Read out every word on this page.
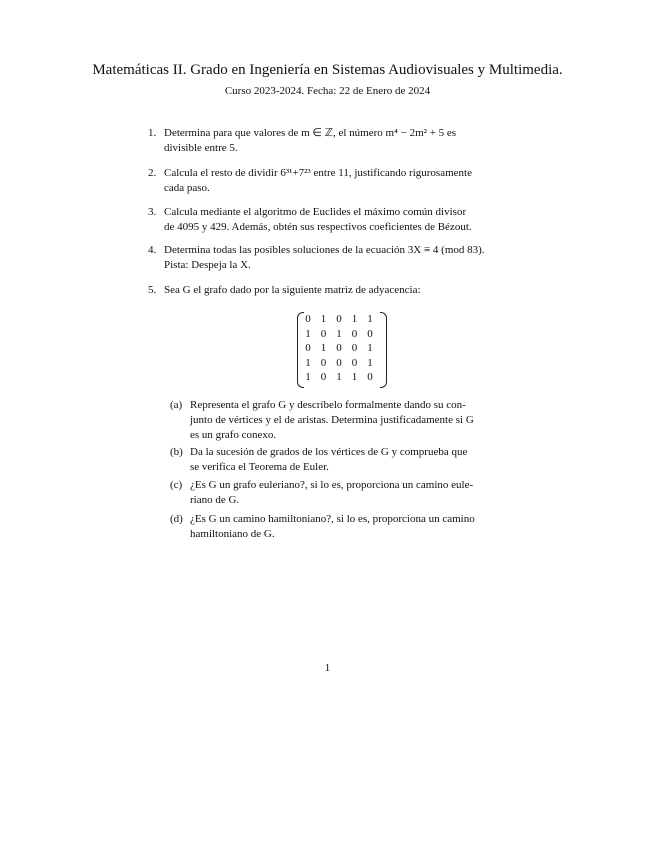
Matemáticas II. Grado en Ingeniería en Sistemas Audiovisuales y Multimedia.
Curso 2023-2024. Fecha: 22 de Enero de 2024
1. Determina para que valores de m ∈ ℤ, el número m⁴ − 2m² + 5 es
divisible entre 5.
2. Calcula el resto de dividir 6³¹+7²³ entre 11, justificando rigurosamente
cada paso.
3. Calcula mediante el algoritmo de Euclides el máximo común divisor
de 4095 y 429. Además, obtén sus respectivos coeficientes de Bézout.
4. Determina todas las posibles soluciones de la ecuación 3X ≡ 4 (mod 83).
Pista: Despeja la X.
5. Sea G el grafo dado por la siguiente matriz de adyacencia:
0 1 0 1 1
1 0 1 0 0
0 1 0 0 1
1 0 0 0 1
1 0 1 1 0
(a) Representa el grafo G y descríbelo formalmente dando su con-
junto de vértices y el de aristas. Determina justificadamente si G
es un grafo conexo.
(b) Da la sucesión de grados de los vértices de G y comprueba que
se verifica el Teorema de Euler.
(c) ¿Es G un grafo euleriano?, si lo es, proporciona un camino eule-
riano de G.
(d) ¿Es G un camino hamiltoniano?, si lo es, proporciona un camino
hamiltoniano de G.
1
